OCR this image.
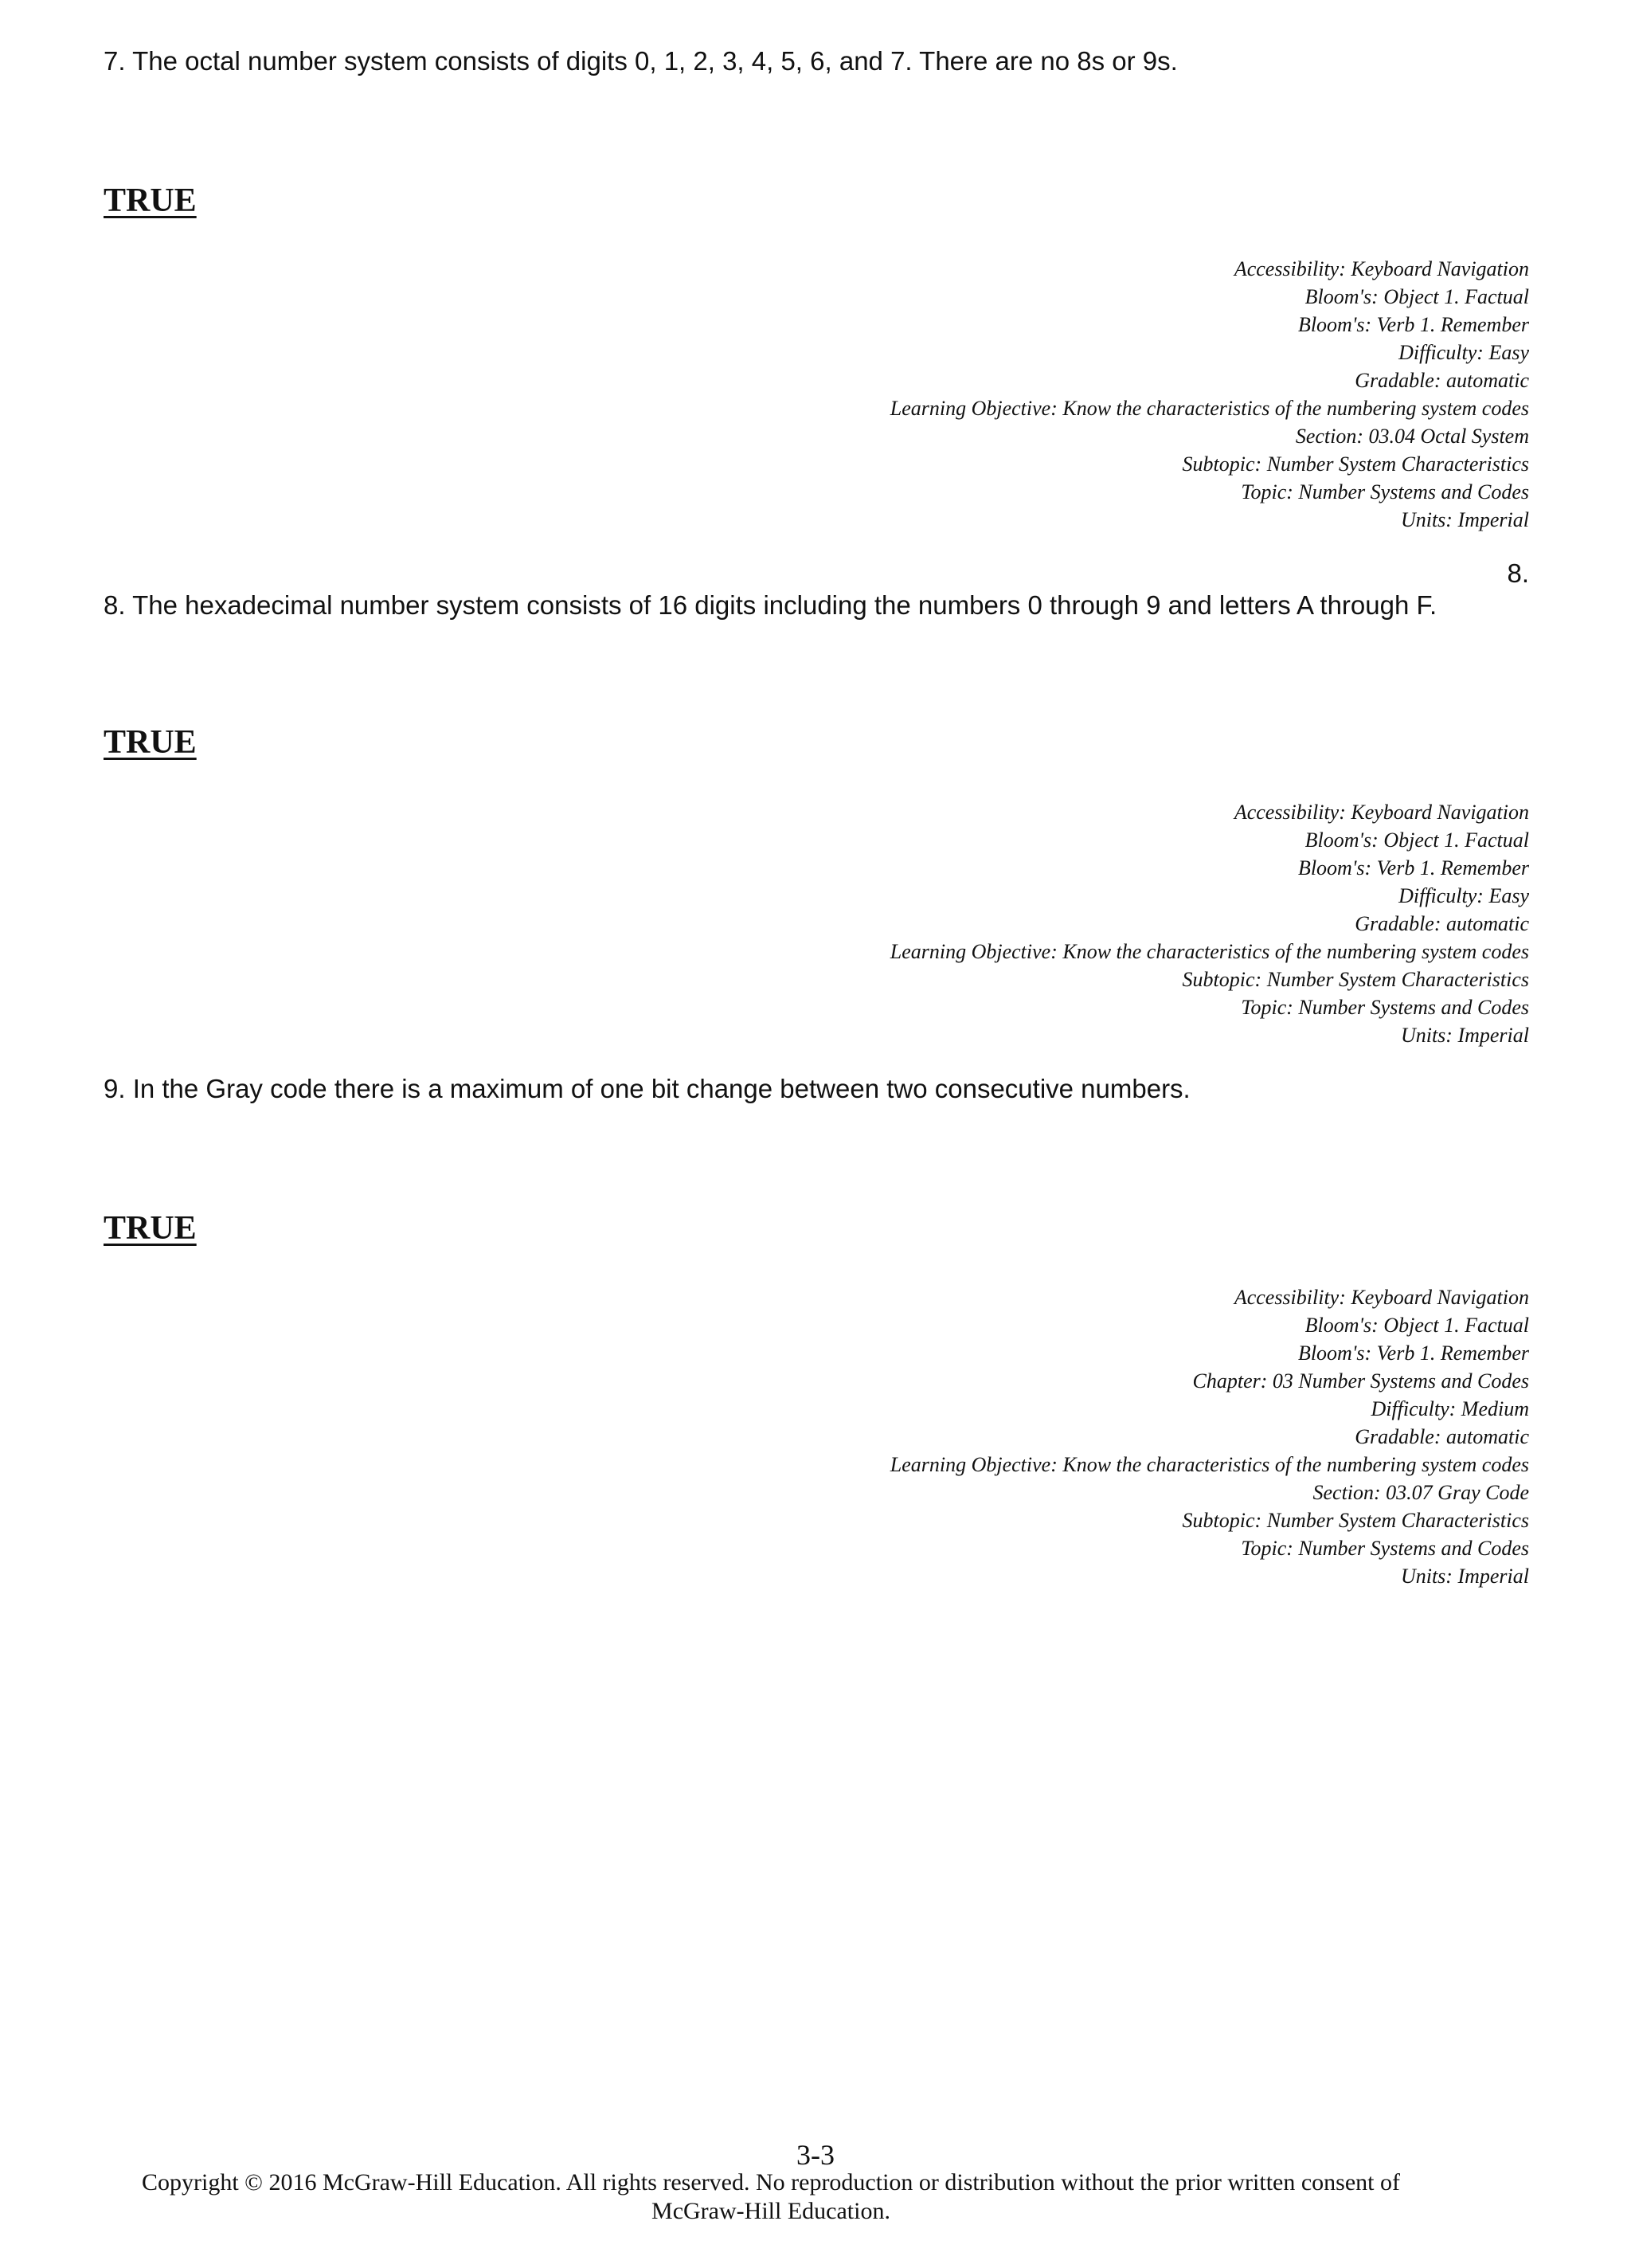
7. The octal number system consists of digits 0, 1, 2, 3, 4, 5, 6, and 7. There are no 8s or 9s.
TRUE
Accessibility: Keyboard Navigation
Bloom's: Object 1. Factual
Bloom's: Verb 1. Remember
Difficulty: Easy
Gradable: automatic
Learning Objective: Know the characteristics of the numbering system codes
Section: 03.04 Octal System
Subtopic: Number System Characteristics
Topic: Number Systems and Codes
Units: Imperial
8.
8. The hexadecimal number system consists of 16 digits including the numbers 0 through 9 and letters A through F.
TRUE
Accessibility: Keyboard Navigation
Bloom's: Object 1. Factual
Bloom's: Verb 1. Remember
Difficulty: Easy
Gradable: automatic
Learning Objective: Know the characteristics of the numbering system codes
Subtopic: Number System Characteristics
Topic: Number Systems and Codes
Units: Imperial
9. In the Gray code there is a maximum of one bit change between two consecutive numbers.
TRUE
Accessibility: Keyboard Navigation
Bloom's: Object 1. Factual
Bloom's: Verb 1. Remember
Chapter: 03 Number Systems and Codes
Difficulty: Medium
Gradable: automatic
Learning Objective: Know the characteristics of the numbering system codes
Section: 03.07 Gray Code
Subtopic: Number System Characteristics
Topic: Number Systems and Codes
Units: Imperial
3-3
Copyright © 2016 McGraw-Hill Education. All rights reserved. No reproduction or distribution without the prior written consent of
McGraw-Hill Education.
